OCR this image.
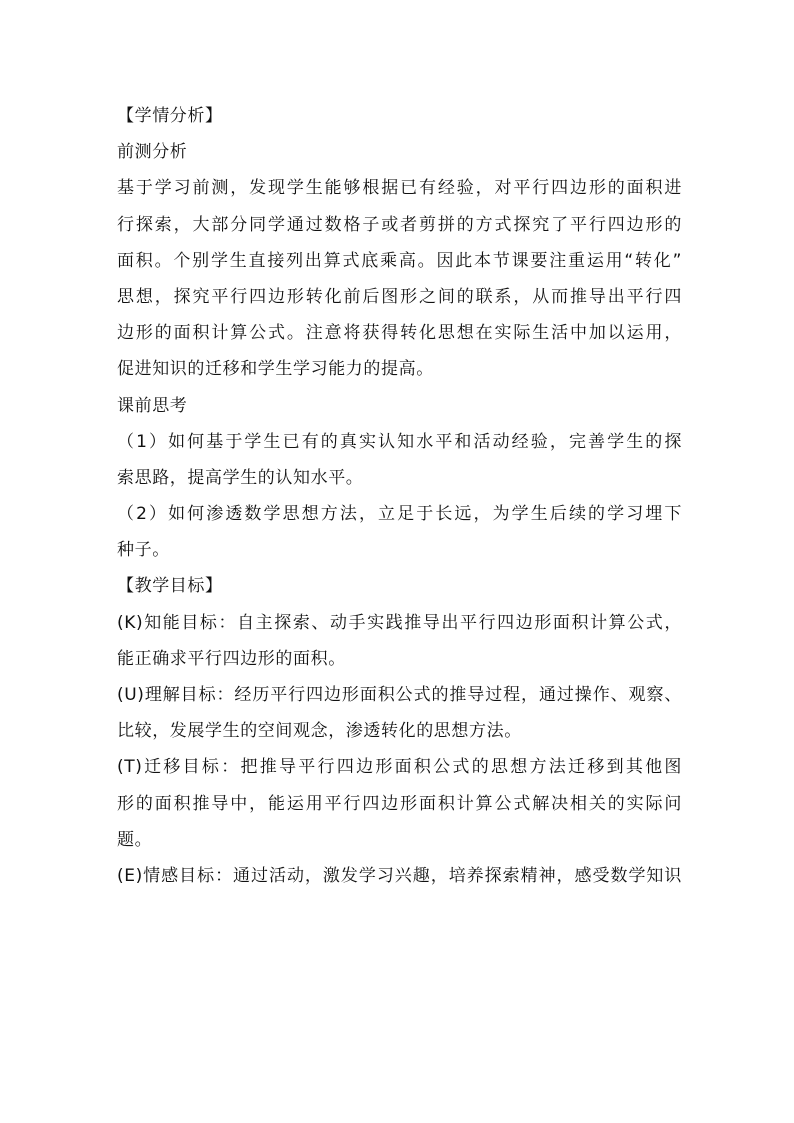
【学情分析】
前测分析
基于学习前测，发现学生能够根据已有经验，对平行四边形的面积进
行探索，大部分同学通过数格子或者剪拼的方式探究了平行四边形的
面积。个别学生直接列出算式底乘高。因此本节课要注重运用“转化”
思想，探究平行四边形转化前后图形之间的联系，从而推导出平行四
边形的面积计算公式。注意将获得转化思想在实际生活中加以运用，
促进知识的迁移和学生学习能力的提高。
课前思考
（1）如何基于学生已有的真实认知水平和活动经验，完善学生的探
索思路，提高学生的认知水平。
（2）如何渗透数学思想方法，立足于长远，为学生后续的学习埋下
种子。
【教学目标】
(K)知能目标：自主探索、动手实践推导出平行四边形面积计算公式，
能正确求平行四边形的面积。
(U)理解目标：经历平行四边形面积公式的推导过程，通过操作、观察、
比较，发展学生的空间观念，渗透转化的思想方法。
(T)迁移目标：把推导平行四边形面积公式的思想方法迁移到其他图
形的面积推导中，能运用平行四边形面积计算公式解决相关的实际问
题。
(E)情感目标：通过活动，激发学习兴趣，培养探索精神，感受数学知识
